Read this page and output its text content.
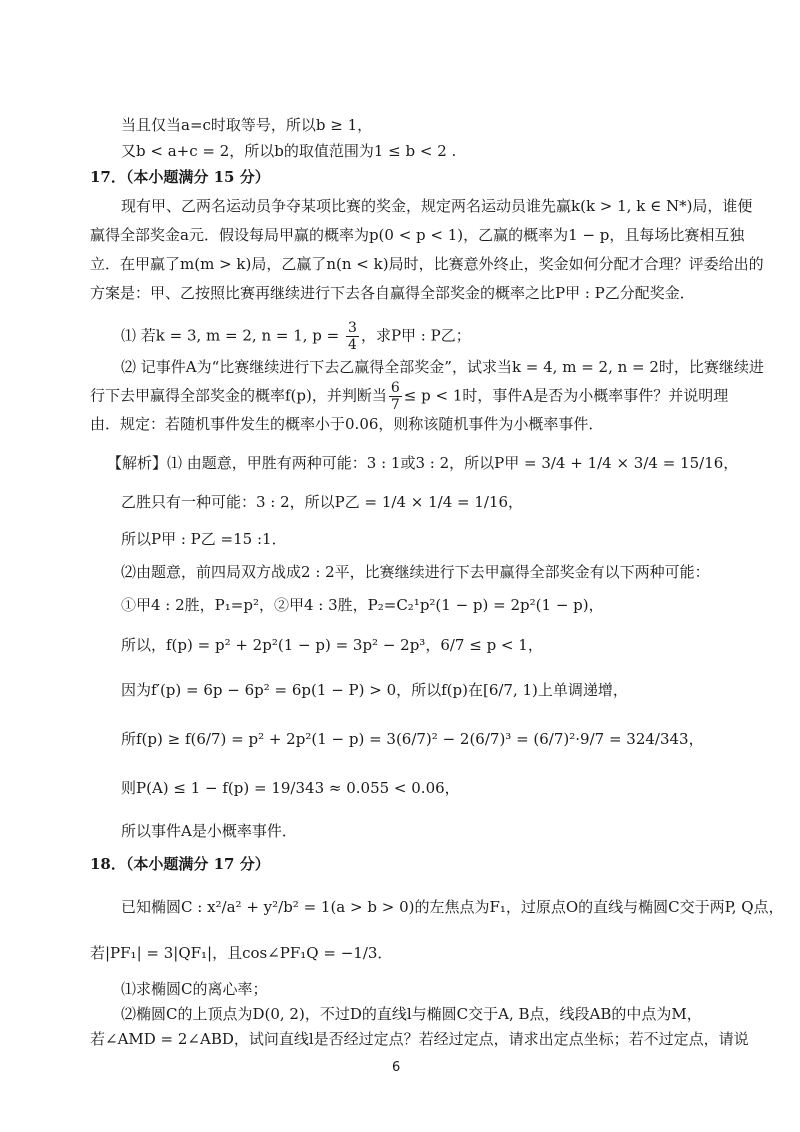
当且仅当a=c时取等号，所以b ≥ 1，
又b < a+c = 2，所以b的取值范围为1 ≤ b < 2 .
17．（本小题满分 15 分）
现有甲、乙两名运动员争夺某项比赛的奖金，规定两名运动员谁先赢k(k > 1, k ∈ N*)局，谁便
赢得全部奖金a元．假设每局甲赢的概率为p(0 < p < 1)，乙赢的概率为1 − p，且每场比赛相互独
立．在甲赢了m(m > k)局，乙赢了n(n < k)局时，比赛意外终止，奖金如何分配才合理？评委给出的
方案是：甲、乙按照比赛再继续进行下去各自赢得全部奖金的概率之比P甲 : P乙分配奖金．
⑴ 若k = 3, m = 2, n = 1, $p = \frac{3}{4}$ ，求P甲 : P乙；
⑵ 记事件A为“比赛继续进行下去乙赢得全部奖金”，试求当k = 4, m = 2, n = 2时，比赛继续进
行下去甲赢得全部奖金的概率f(p)，并判断当 $\frac{6}{7} \le p < 1$时，事件A是否为小概率事件？并说明理
由．规定：若随机事件发生的概率小于0.06，则称该随机事件为小概率事件．
【解析】⑴ 由题意，甲胜有两种可能：3 : 1或3 : 2，所以P甲 = 3/4 + 1/4 × 3/4 = 15/16，
乙胜只有一种可能：3 : 2，所以P乙 = 1/4 × 1/4 = 1/16，
所以P甲 : P乙 =15 :1．
⑵由题意，前四局双方战成2 : 2平，比赛继续进行下去甲赢得全部奖金有以下两种可能：
①甲4 : 2胜，P₁=p²，②甲4 : 3胜，P₂=C₂¹p²(1 − p) = 2p²(1 − p)，
所以，f(p) = p² + 2p²(1 − p) = 3p² − 2p³，6/7 ≤ p < 1，
因为f′(p) = 6p − 6p² = 6p(1 − P) > 0，所以f(p)在[6/7, 1)上单调递增，
所f(p) ≥ f(6/7) = p² + 2p²(1 − p) = 3(6/7)² − 2(6/7)³ = (6/7)²·9/7 = 324/343，
则P(A) ≤ 1 − f(p) = 19/343 ≈ 0.055 < 0.06，
所以事件A是小概率事件．
18．（本小题满分 17 分）
已知椭圆C : x²/a² + y²/b² = 1(a > b > 0)的左焦点为F₁，过原点O的直线与椭圆C交于两P, Q点，
若|PF₁| = 3|QF₁|，且cos∠PF₁Q = −1/3．
⑴求椭圆C的离心率；
⑵椭圆C的上顶点为D(0, 2)，不过D的直线l与椭圆C交于A, B点，线段AB的中点为M，
若∠AMD = 2∠ABD，试问直线l是否经过定点？若经过定点，请求出定点坐标；若不过定点，请说
6
